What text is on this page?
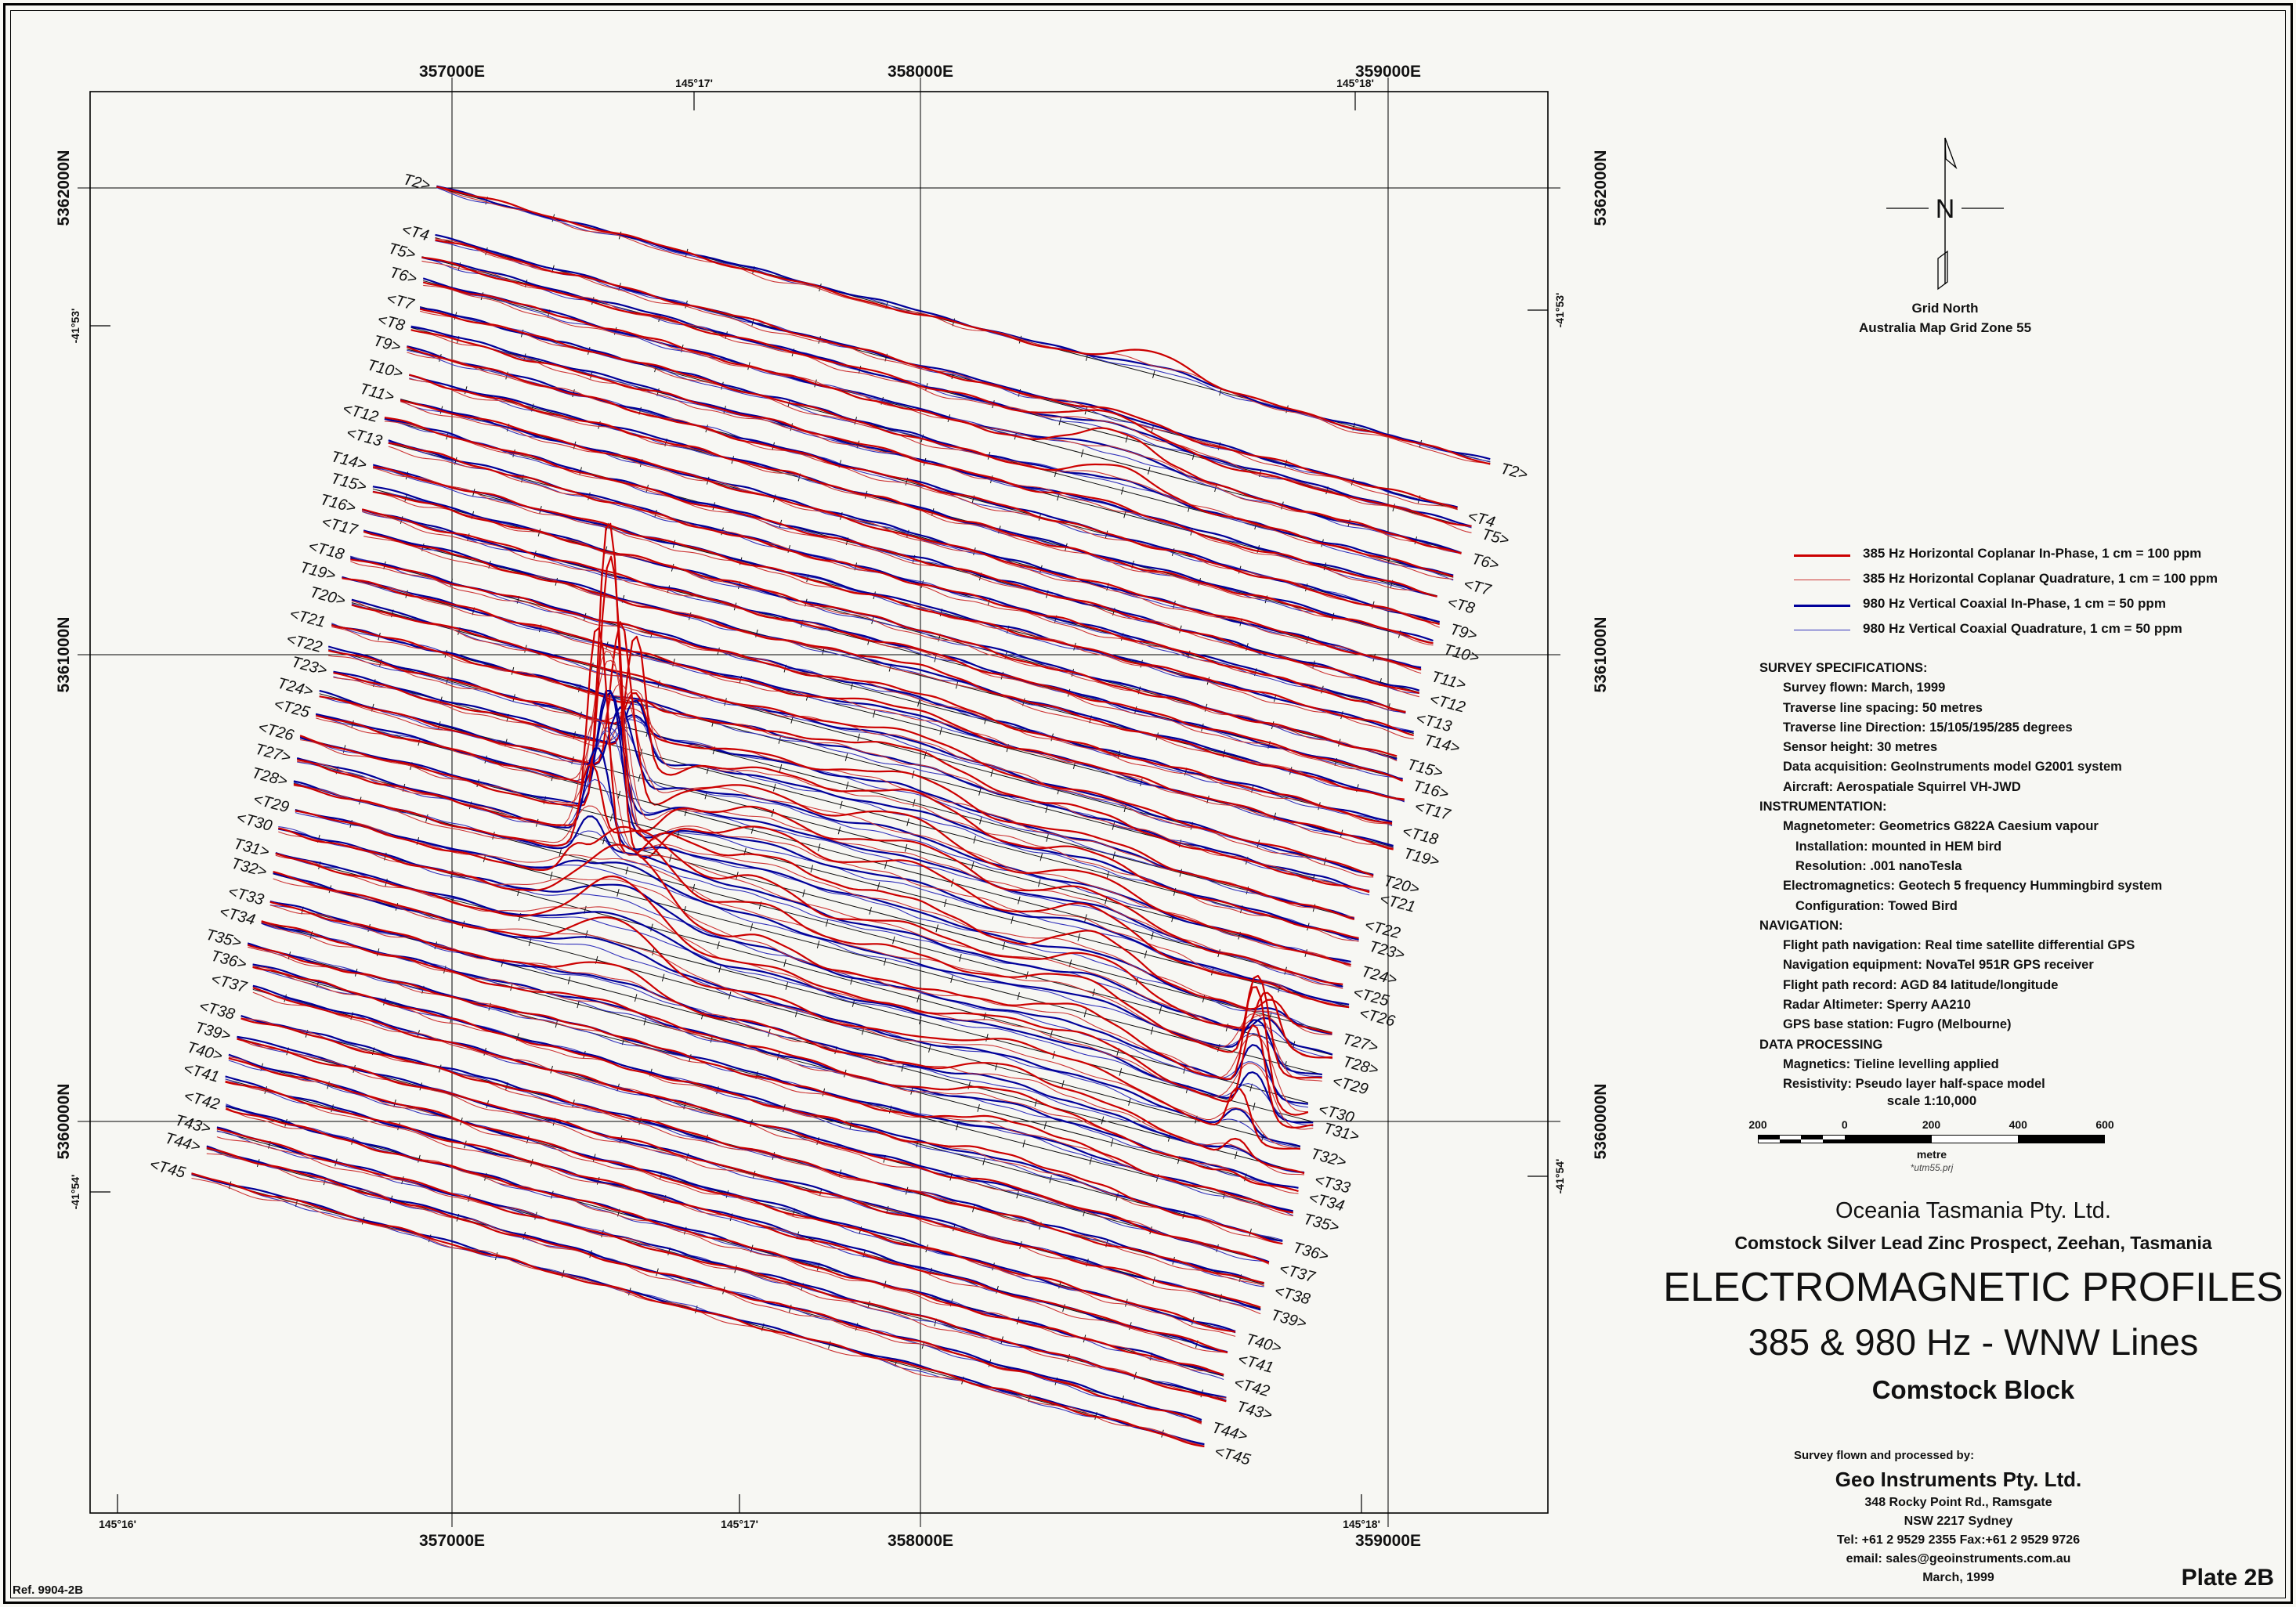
357000E
357000E
358000E
358000E
359000E
359000E
5362000N	5362000N
5361000N	5361000N
5360000N	5360000N
145°17'	145°18'
145°16'	145°17'	145°18'
-41°53'
-41°54'
-41°53'
-41°54'
T2>
T2>
<T4
<T4
T5>
T5>
T6>
T6>
<T7
<T7
<T8
<T8
T9>
T9>
T10>
T10>
T11>
T11>
<T12
<T12
<T13
<T13
T14>
T14>
T15>
T15>
T16>
T16>
<T17
<T17
<T18
<T18
T19>
T19>
T20>
T20>
<T21
<T21
<T22
<T22
T23>
T23>
T24>
T24>
<T25
<T25
<T26
<T26
T27>
T27>
T28>
T28>
<T29
<T29
<T30
<T30
T31>
T31>
T32>
T32>
<T33
<T33
<T34
<T34
T35>
T35>
T36>
T36>
<T37
<T37
<T38
<T38
T39>
T39>
T40>
T40>
<T41
<T41
<T42
<T42
T43>
T43>
T44>
T44>
<T45
<T45
N
Grid North
Australia Map Grid Zone 55
385 Hz Horizontal Coplanar In-Phase, 1 cm = 100 ppm
385 Hz Horizontal Coplanar Quadrature, 1 cm = 100 ppm
980 Hz Vertical Coaxial In-Phase, 1 cm = 50 ppm
980 Hz Vertical Coaxial Quadrature, 1 cm = 50 ppm
SURVEY SPECIFICATIONS:
Survey flown: March, 1999
Traverse line spacing: 50 metres
Traverse line Direction: 15/105/195/285 degrees
Sensor height: 30 metres
Data acquisition: GeoInstruments model G2001 system
Aircraft: Aerospatiale Squirrel VH-JWD
INSTRUMENTATION:
Magnetometer: Geometrics G822A Caesium vapour
Installation: mounted in HEM bird
Resolution: .001 nanoTesla
Electromagnetics: Geotech 5 frequency Hummingbird system
Configuration: Towed Bird
NAVIGATION:
Flight path navigation: Real time satellite differential GPS
Navigation equipment: NovaTel 951R GPS receiver
Flight path record: AGD 84 latitude/longitude
Radar Altimeter: Sperry AA210
GPS base station: Fugro (Melbourne)
DATA PROCESSING
Magnetics: Tieline levelling applied
Resistivity: Pseudo layer half-space model
scale 1:10,000
200	0	200	400	600
metre
*utm55.prj
Oceania Tasmania Pty. Ltd.
Comstock Silver Lead Zinc Prospect, Zeehan, Tasmania
ELECTROMAGNETIC PROFILES
385 & 980 Hz - WNW Lines
Comstock Block
Survey flown and processed by:
Geo Instruments Pty. Ltd.
348 Rocky Point Rd., Ramsgate
NSW 2217 Sydney
Tel: +61 2 9529 2355 Fax:+61 2 9529 9726
email: sales@geoinstruments.com.au
March, 1999
Ref. 9904-2B	Plate 2B
